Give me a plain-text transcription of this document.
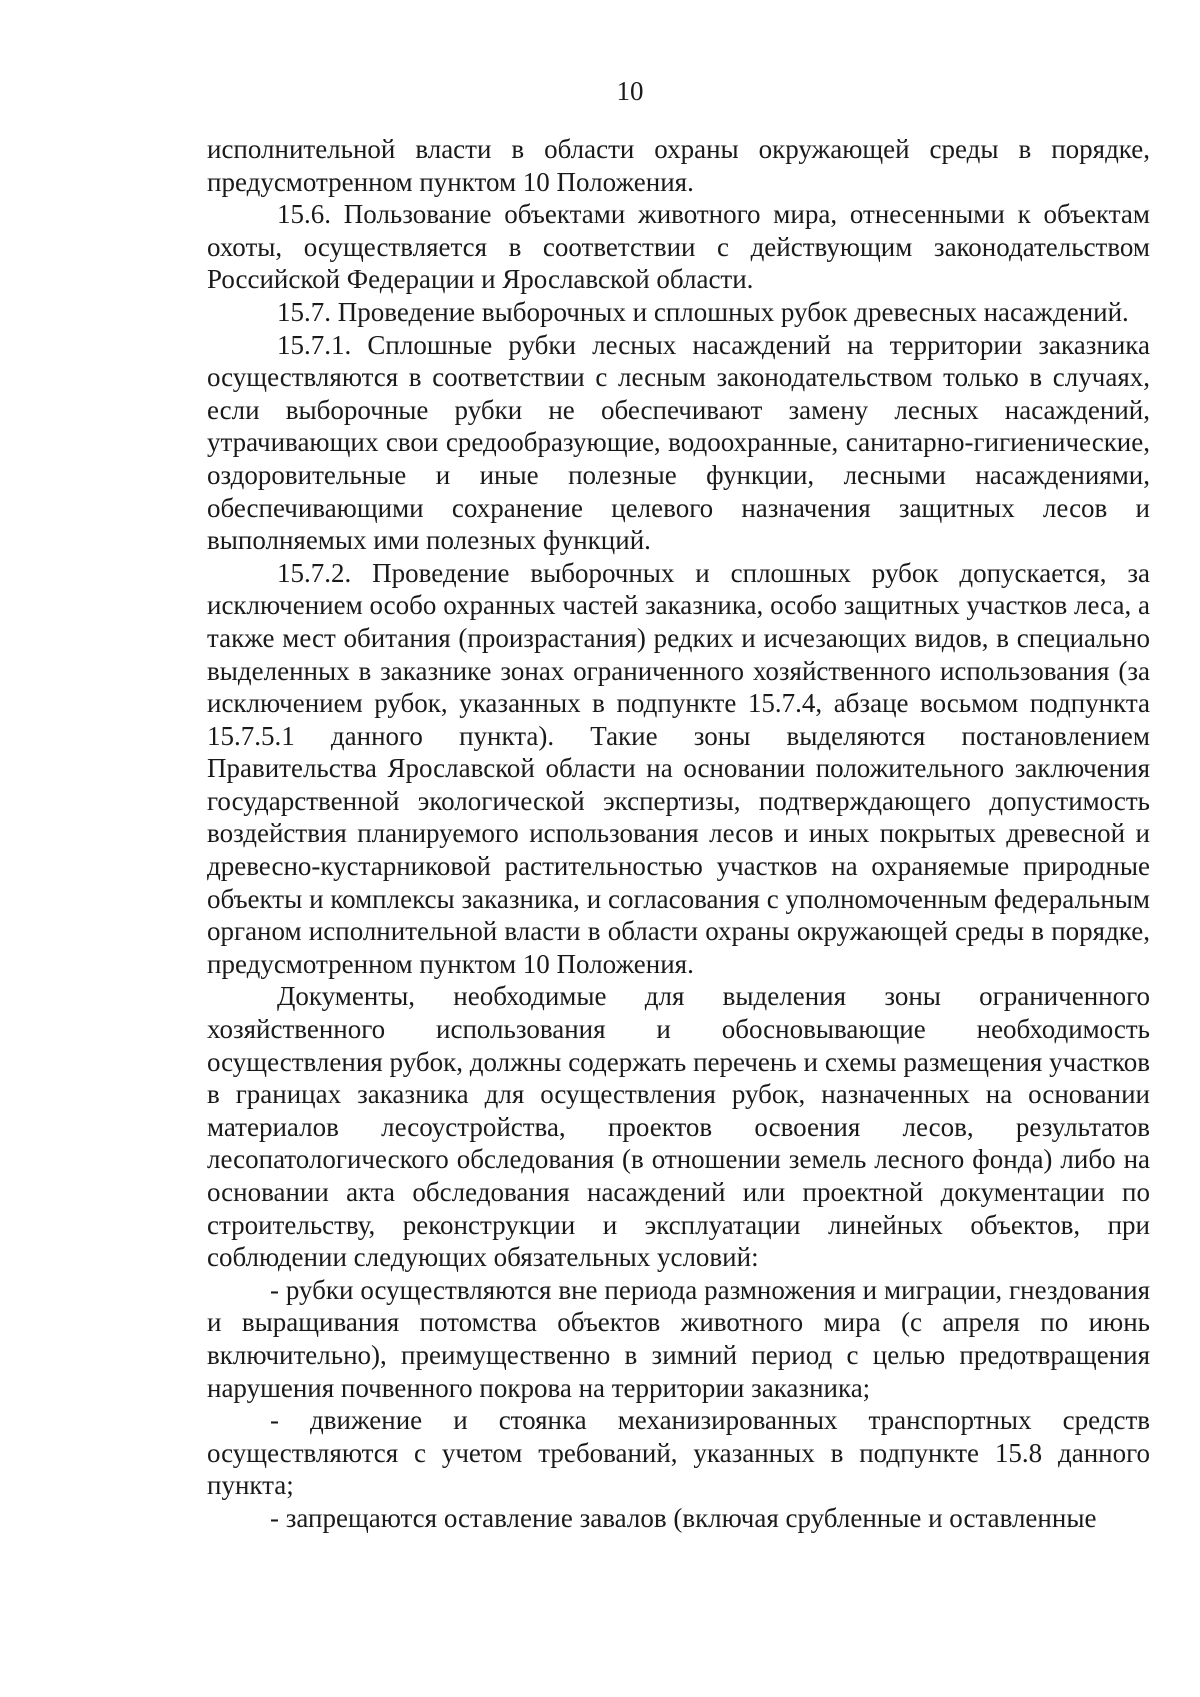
10

исполнительной власти в области охраны окружающей среды в порядке, предусмотренном пунктом 10 Положения.

15.6. Пользование объектами животного мира, отнесенными к объектам охоты, осуществляется в соответствии с действующим законодательством Российской Федерации и Ярославской области.

15.7. Проведение выборочных и сплошных рубок древесных насаждений.

15.7.1. Сплошные рубки лесных насаждений на территории заказника осуществляются в соответствии с лесным законодательством только в случаях, если выборочные рубки не обеспечивают замену лесных насаждений, утрачивающих свои средообразующие, водоохранные, санитарно-гигиенические, оздоровительные и иные полезные функции, лесными насаждениями, обеспечивающими сохранение целевого назначения защитных лесов и выполняемых ими полезных функций.

15.7.2. Проведение выборочных и сплошных рубок допускается, за исключением особо охранных частей заказника, особо защитных участков леса, а также мест обитания (произрастания) редких и исчезающих видов, в специально выделенных в заказнике зонах ограниченного хозяйственного использования (за исключением рубок, указанных в подпункте 15.7.4, абзаце восьмом подпункта 15.7.5.1 данного пункта). Такие зоны выделяются постановлением Правительства Ярославской области на основании положительного заключения государственной экологической экспертизы, подтверждающего допустимость воздействия планируемого использования лесов и иных покрытых древесной и древесно-кустарниковой растительностью участков на охраняемые природные объекты и комплексы заказника, и согласования с уполномоченным федеральным органом исполнительной власти в области охраны окружающей среды в порядке, предусмотренном пунктом 10 Положения.

Документы, необходимые для выделения зоны ограниченного хозяйственного использования и обосновывающие необходимость осуществления рубок, должны содержать перечень и схемы размещения участков в границах заказника для осуществления рубок, назначенных на основании материалов лесоустройства, проектов освоения лесов, результатов лесопатологического обследования (в отношении земель лесного фонда) либо на основании акта обследования насаждений или проектной документации по строительству, реконструкции и эксплуатации линейных объектов, при соблюдении следующих обязательных условий:

- рубки осуществляются вне периода размножения и миграции, гнездования и выращивания потомства объектов животного мира (с апреля по июнь включительно), преимущественно в зимний период с целью предотвращения нарушения почвенного покрова на территории заказника;

- движение и стоянка механизированных транспортных средств осуществляются с учетом требований, указанных в подпункте 15.8 данного пункта;

- запрещаются оставление завалов (включая срубленные и оставленные
